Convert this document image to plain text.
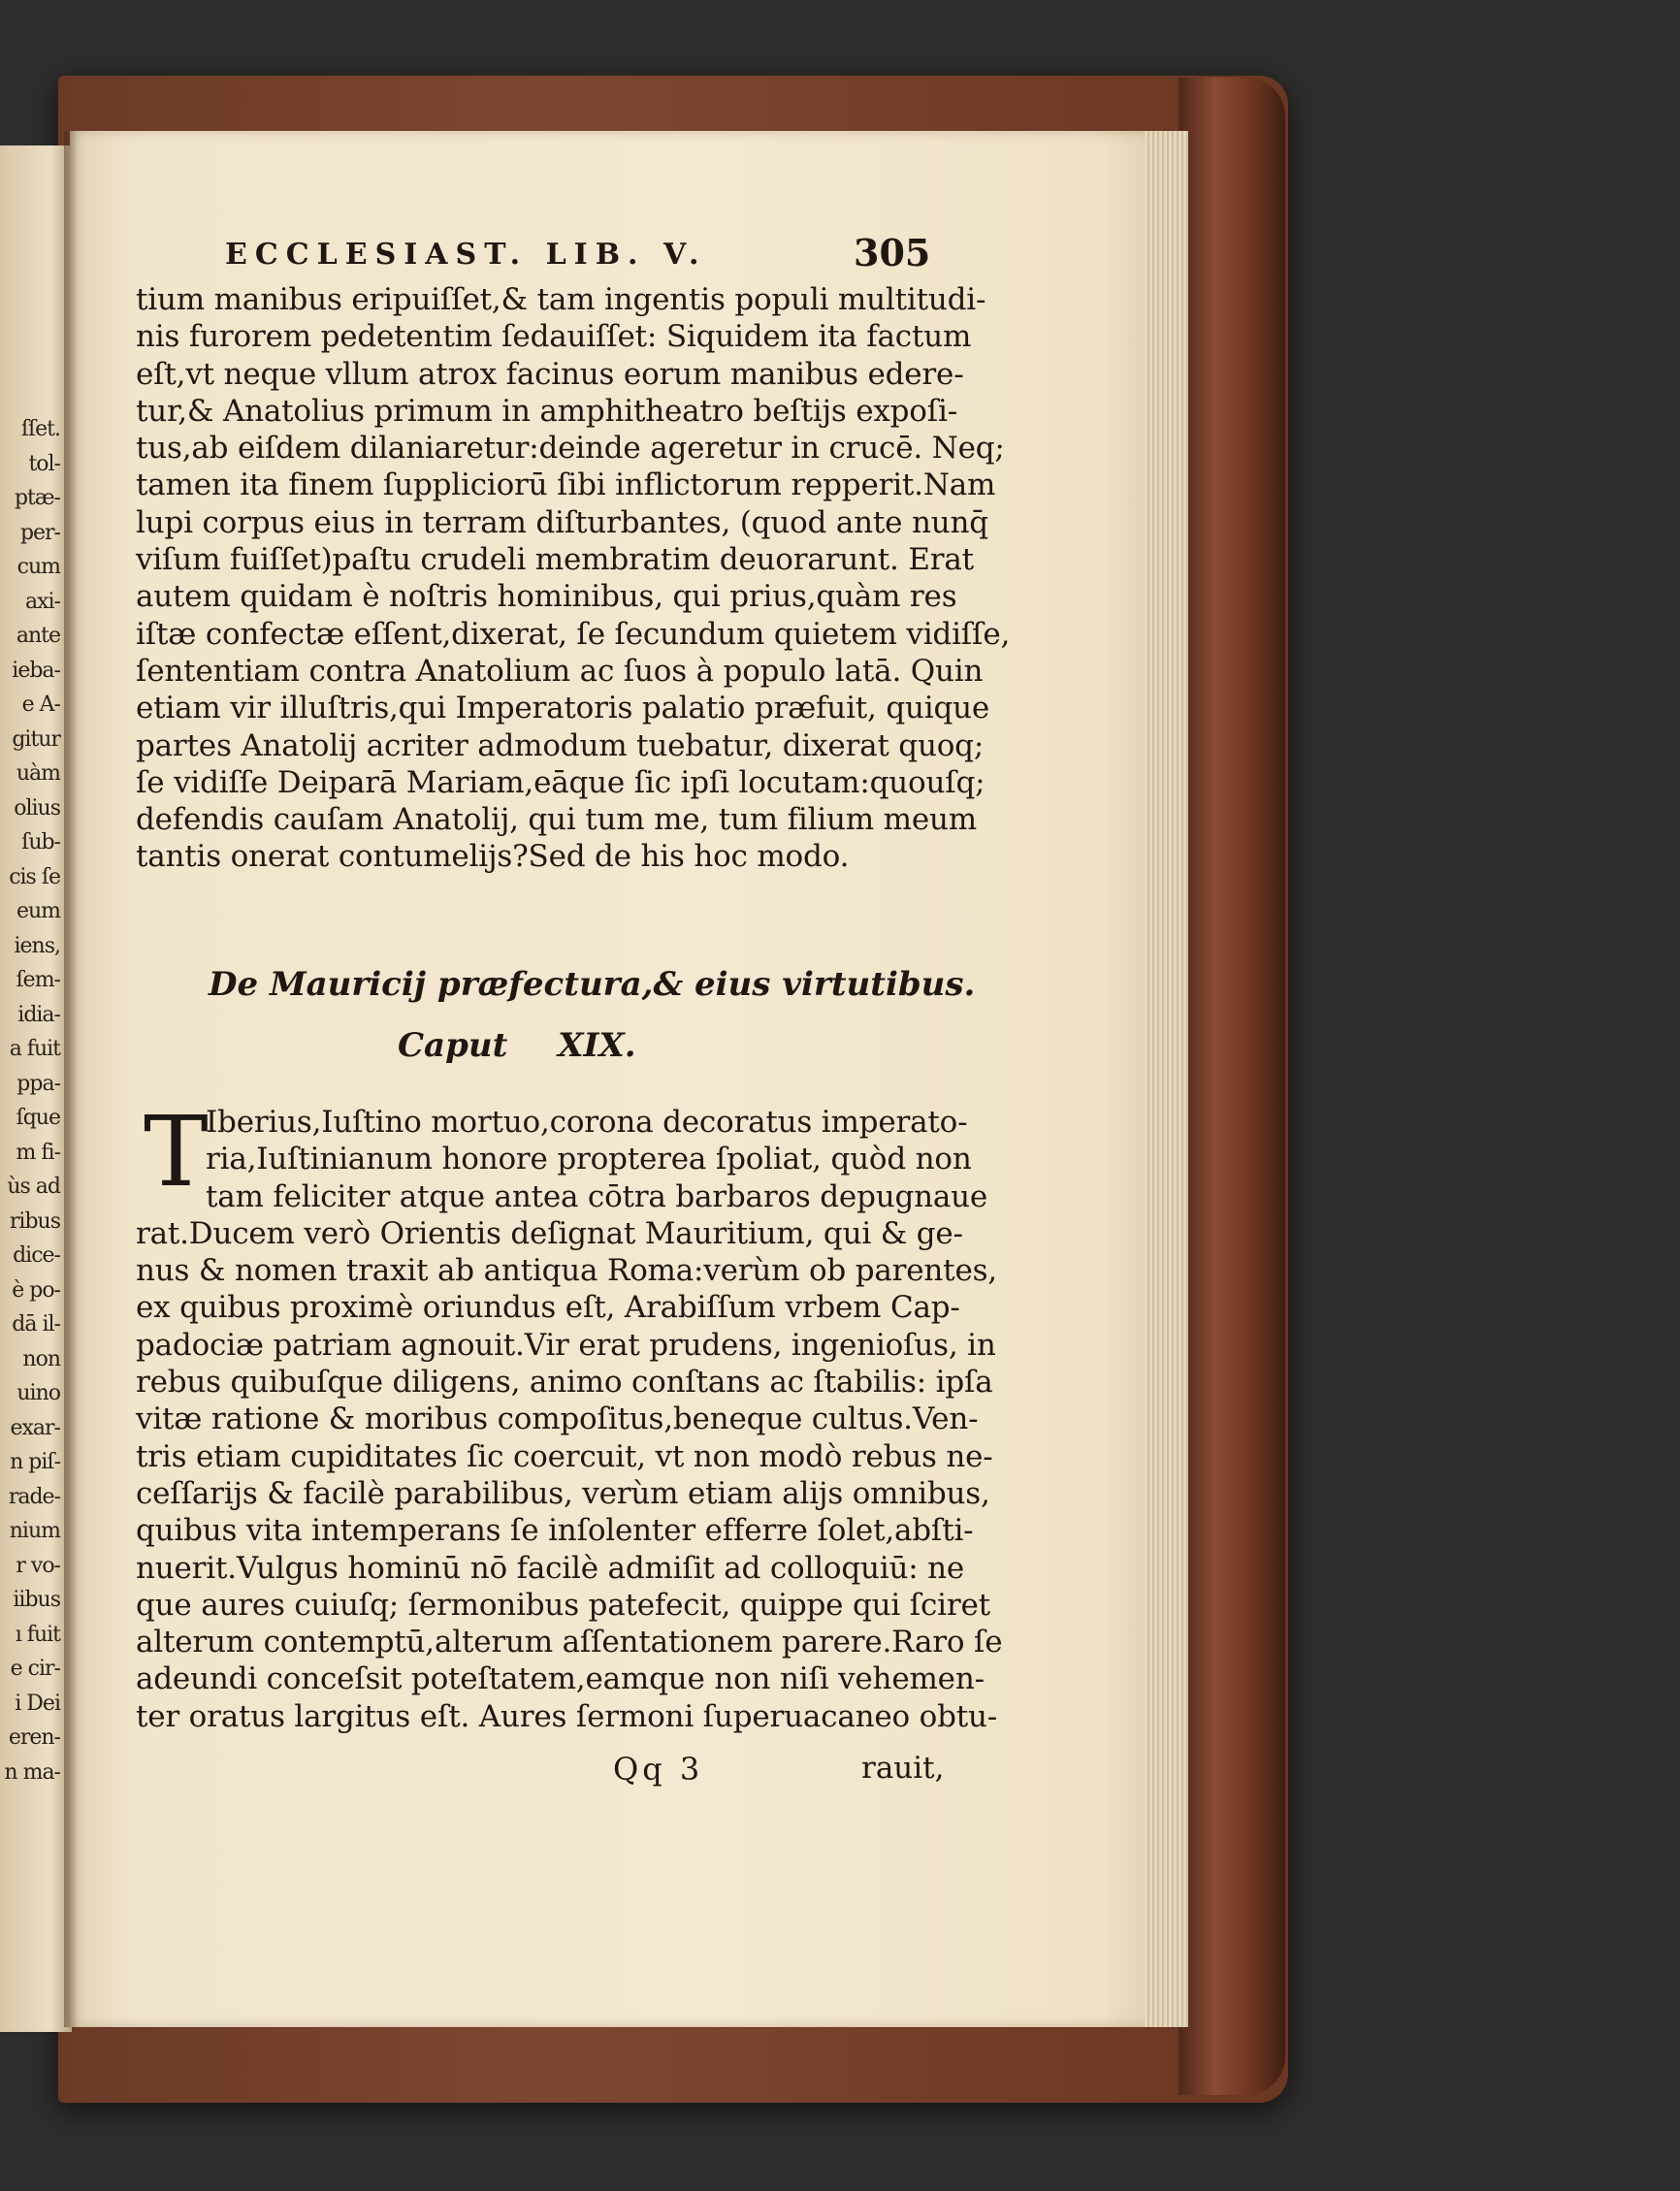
ſſet.
tol-
ptæ-
per-
cum
axi-
ante
ieba-
e A-
gitur
uàm
olius
ſub-
cis ſe
eum
iens,
ſem-
idia-
a fuit
ppa-
ſque
m fi-
ùs ad
ribus
dice-
è po-
dā il-
non
uino
exar-
n piſ-
rade-
nium
r vo-
iibus
ı fuit
e cir-
i Dei
eren-
n ma-
ECCLESIAST. LIB. V.	305
tium manibus eripuiſſet,& tam ingentis populi multitudi-
nis furorem pedetentim ſedauiſſet: Siquidem ita factum
eſt,vt neque vllum atrox facinus eorum manibus edere-
tur,& Anatolius primum in amphitheatro beſtijs expoſi-
tus,ab eiſdem dilaniaretur:deinde ageretur in crucē. Neq;
tamen ita finem ſuppliciorū ſibi inflictorum repperit.Nam
lupi corpus eius in terram diſturbantes, (quod ante nunq̄
viſum fuiſſet)paſtu crudeli membratim deuorarunt. Erat
autem quidam è noſtris hominibus, qui prius,quàm res
iſtæ confectæ eſſent,dixerat, ſe ſecundum quietem vidiſſe,
ſententiam contra Anatolium ac ſuos à populo latā. Quin
etiam vir illuſtris,qui Imperatoris palatio præfuit, quique
partes Anatolij acriter admodum tuebatur, dixerat quoq;
ſe vidiſſe Deiparā Mariam,eāque ſic ipſi locutam:quouſq;
defendis cauſam Anatolij, qui tum me, tum filium meum
tantis onerat contumelijs?Sed de his hoc modo.
De Mauricij præfectura,& eius virtutibus.
Caput XIX.
T
Iberius,Iuſtino mortuo,corona decoratus imperato-
ria,Iuſtinianum honore propterea ſpoliat, quòd non
tam feliciter atque antea cōtra barbaros depugnaue
rat.Ducem verò Orientis deſignat Mauritium, qui & ge-
nus & nomen traxit ab antiqua Roma:verùm ob parentes,
ex quibus proximè oriundus eſt, Arabiſſum vrbem Cap-
padociæ patriam agnouit.Vir erat prudens, ingenioſus, in
rebus quibuſque diligens, animo conſtans ac ſtabilis: ipſa
vitæ ratione & moribus compoſitus,beneque cultus.Ven-
tris etiam cupiditates ſic coercuit, vt non modò rebus ne-
ceſſarijs & facilè parabilibus, verùm etiam alijs omnibus,
quibus vita intemperans ſe inſolenter efferre ſolet,abſti-
nuerit.Vulgus hominū nō facilè admiſit ad colloquiū: ne
que aures cuiuſq; ſermonibus patefecit, quippe qui ſciret
alterum contemptū,alterum aſſentationem parere.Raro ſe
adeundi conceſsit poteſtatem,eamque non niſi vehemen-
ter oratus largitus eſt. Aures ſermoni ſuperuacaneo obtu-
Qq 3	rauit,
